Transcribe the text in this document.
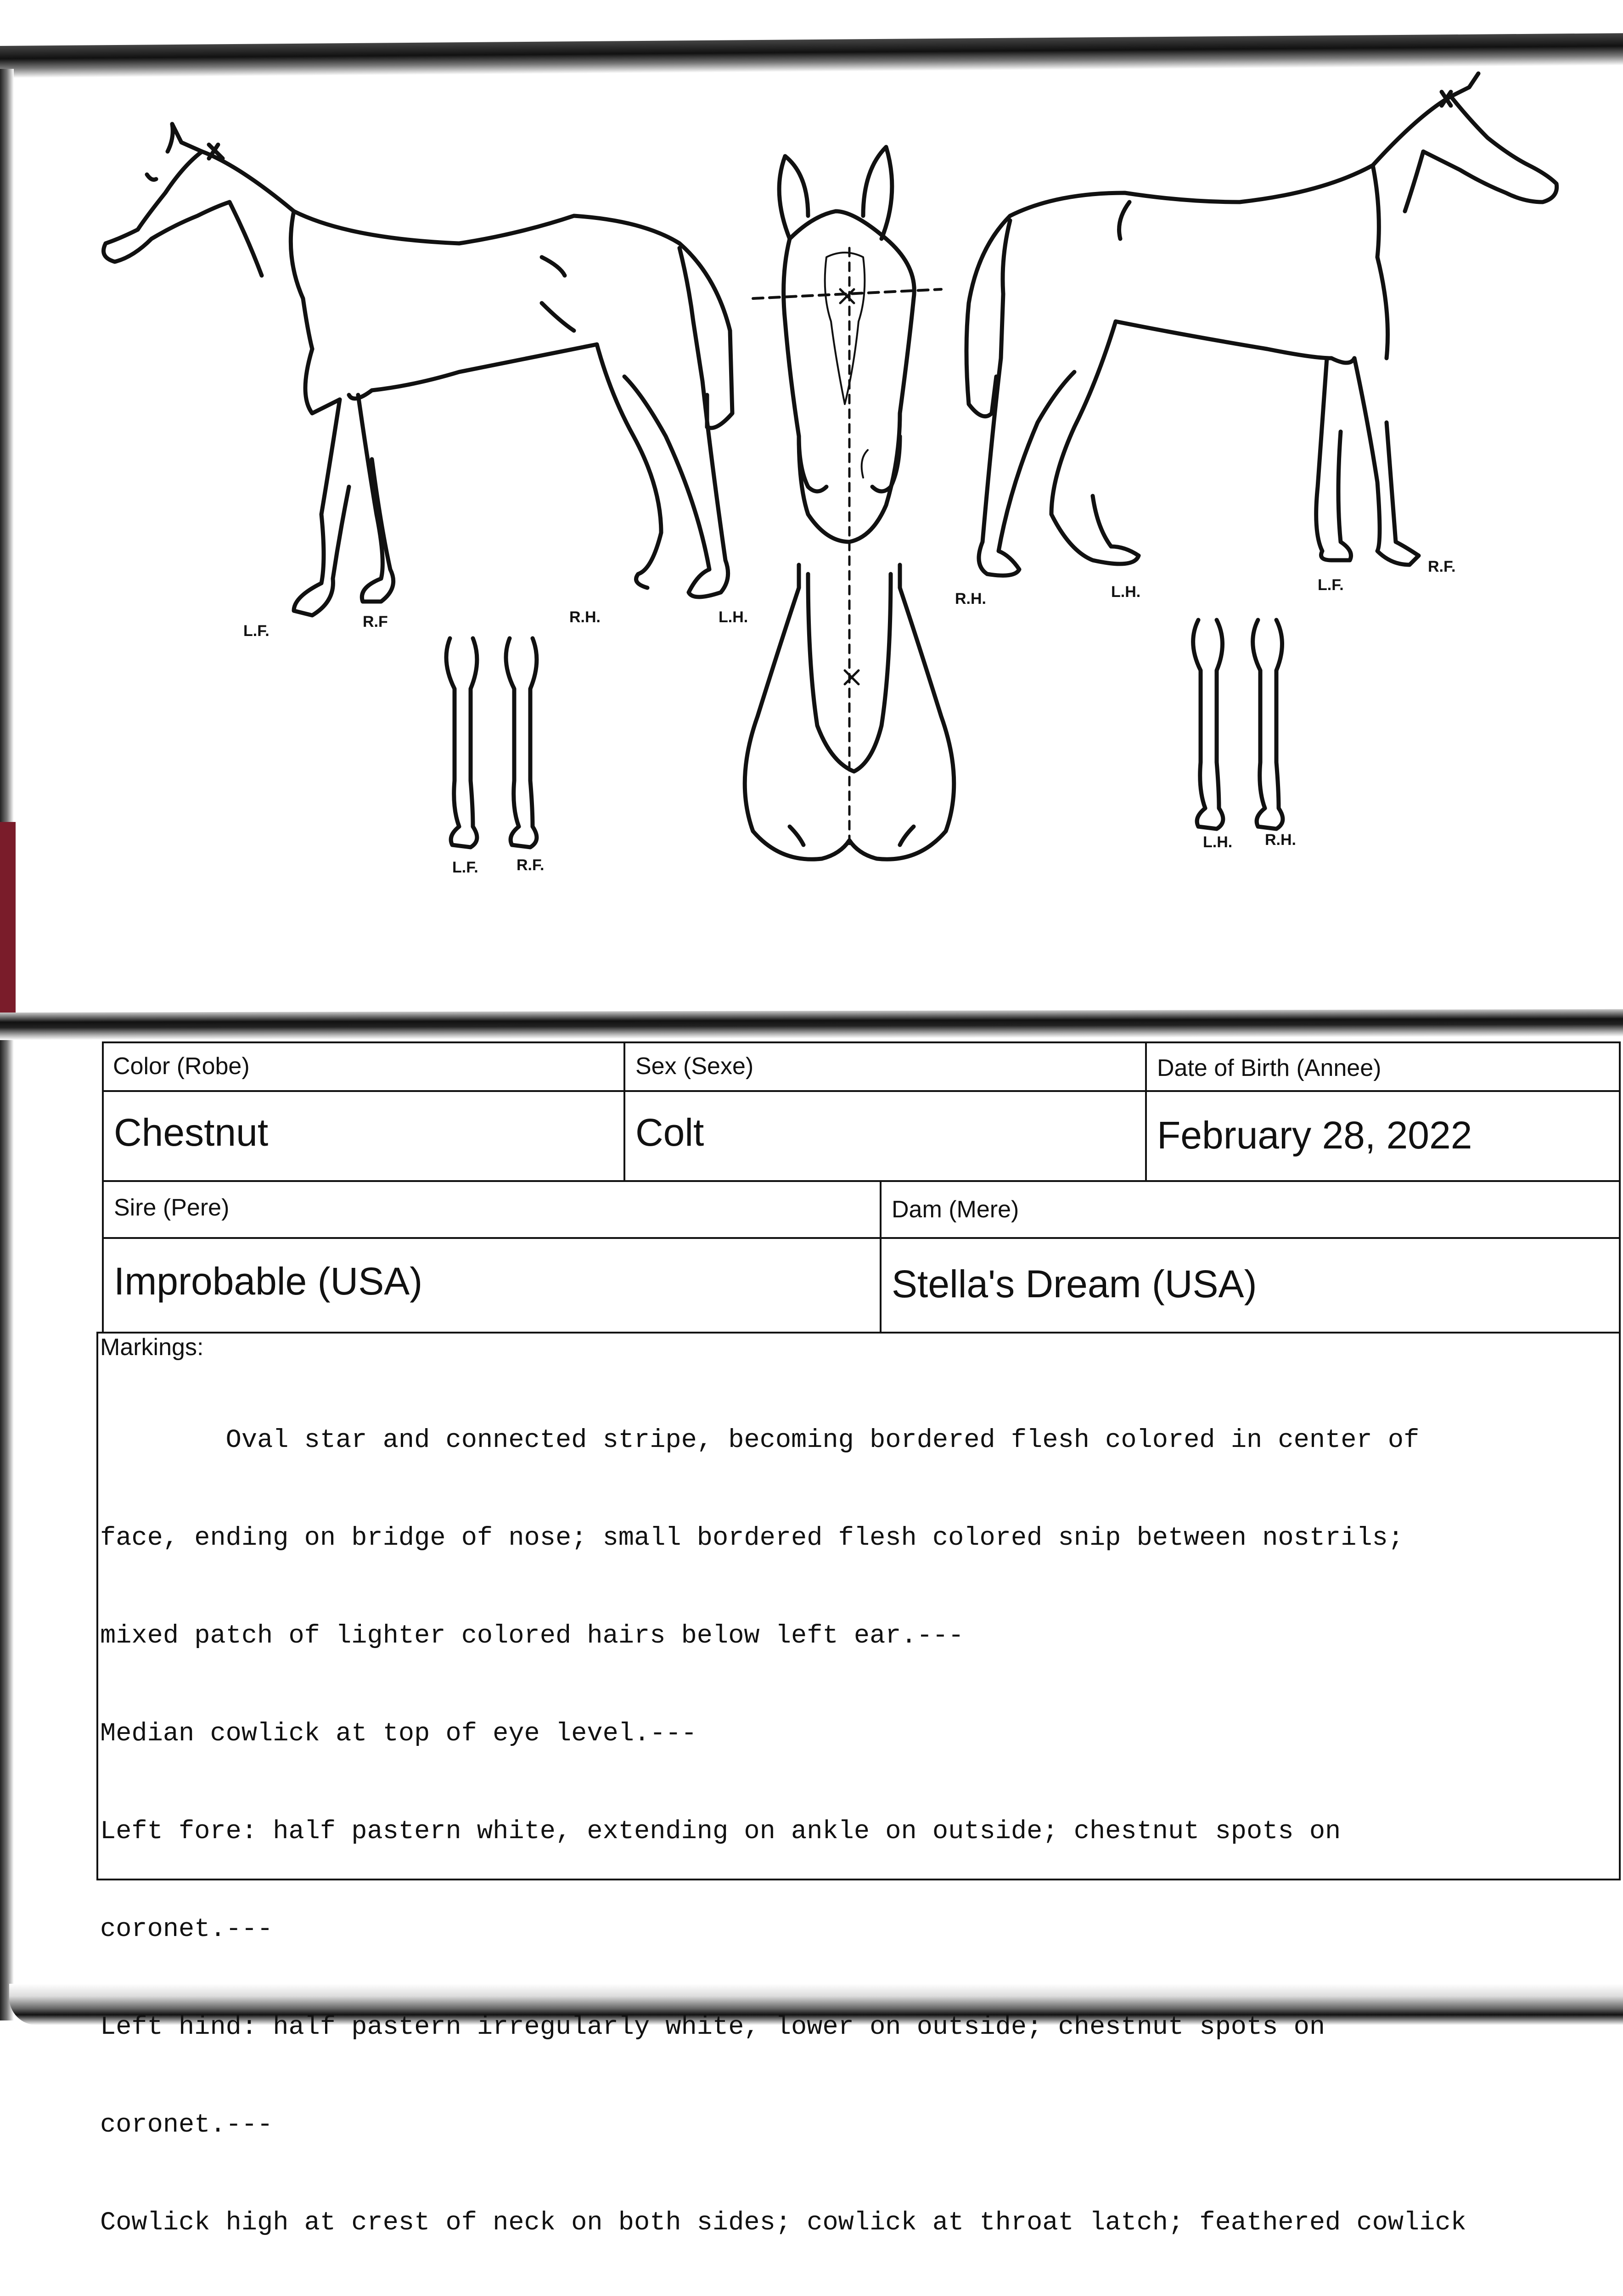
L.F.
R.F	R.H.	L.H.
L.F. R.F.
R.H.	L.H.	L.F.
R.F.
L.H. R.H.
Color (Robe)	Sex (Sexe)	Date of Birth (Annee)
Chestnut	Colt	February 28, 2022
Sire (Pere)	Dam (Mere)
Improbable (USA)	Stella's Dream (USA)
Markings:

Oval star and connected stripe, becoming bordered flesh colored in center of

face, ending on bridge of nose; small bordered flesh colored snip between nostrils;

mixed patch of lighter colored hairs below left ear.---

Median cowlick at top of eye level.---

Left fore: half pastern white, extending on ankle on outside; chestnut spots on

coronet.---

Left hind: half pastern irregularly white, lower on outside; chestnut spots on

coronet.---

Cowlick high at crest of neck on both sides; cowlick at throat latch; feathered cowlick
